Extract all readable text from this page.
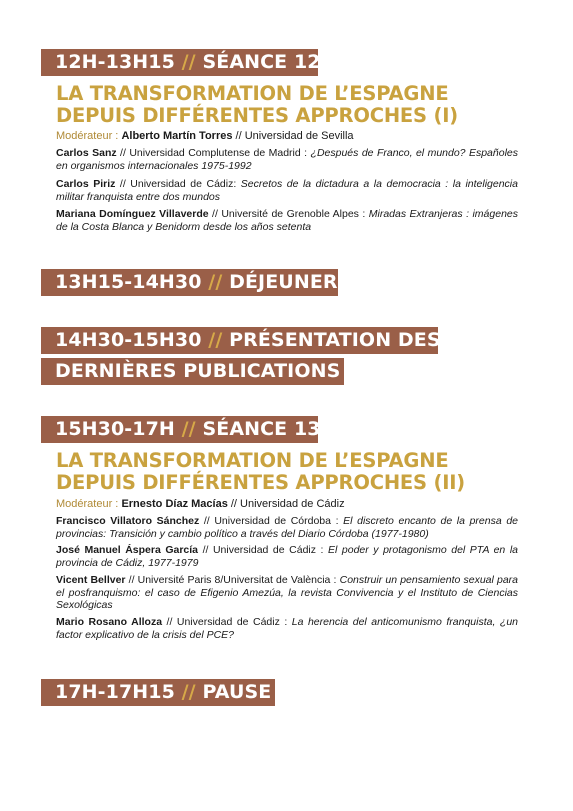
12H-13H15 // SÉANCE 12
LA TRANSFORMATION DE L’ESPAGNE DEPUIS DIFFÉRENTES APPROCHES (I)
Modérateur : Alberto Martín Torres // Universidad de Sevilla
Carlos Sanz // Universidad Complutense de Madrid : ¿Después de Franco, el mundo? Españoles en organismos internacionales 1975-1992
Carlos Piriz // Universidad de Cádiz: Secretos de la dictadura a la democracia : la inteligencia militar franquista entre dos mundos
Mariana Domínguez Villaverde // Université de Grenoble Alpes : Miradas Extranjeras : imágenes de la Costa Blanca y Benidorm desde los años setenta
13H15-14H30 // DÉJEUNER
14H30-15H30 // PRÉSENTATION DES
DERNIÈRES PUBLICATIONS
15H30-17H // SÉANCE 13
LA TRANSFORMATION DE L’ESPAGNE DEPUIS DIFFÉRENTES APPROCHES (II)
Modérateur : Ernesto Díaz Macías // Universidad de Cádiz
Francisco Villatoro Sánchez // Universidad de Córdoba : El discreto encanto de la prensa de provincias: Transición y cambio político a través del Diario Córdoba (1977-1980)
José Manuel Áspera García // Universidad de Cádiz : El poder y protagonismo del PTA en la provincia de Cádiz, 1977-1979
Vicent Bellver // Université Paris 8/Universitat de València : Construir un pensamiento sexual para el posfranquismo: el caso de Efigenio Amezúa, la revista Convivencia y el Instituto de Ciencias Sexológicas
Mario Rosano Alloza // Universidad de Cádiz : La herencia del anticomunismo franquista, ¿un factor explicativo de la crisis del PCE?
17H-17H15 // PAUSE
